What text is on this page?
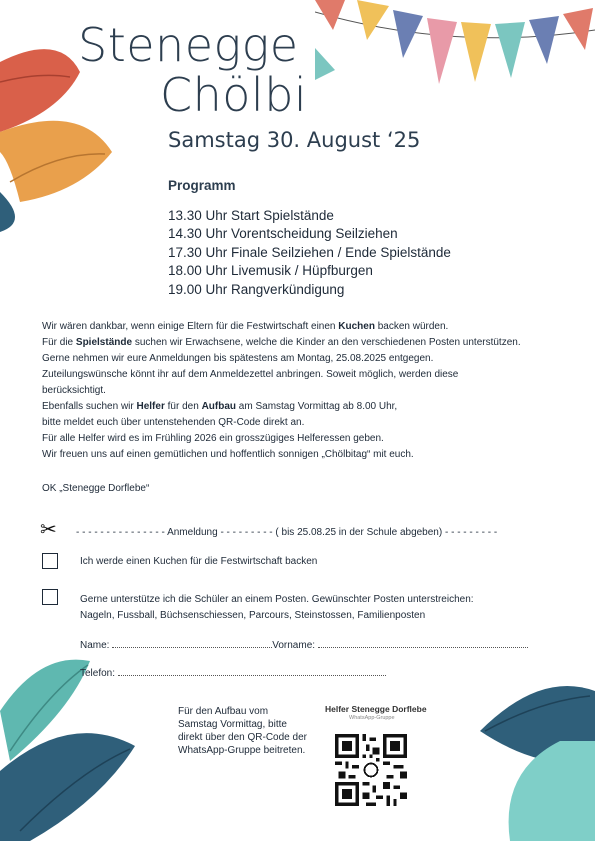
Stenegge
Chölbi
Samstag 30. August ‘25
Programm
13.30 Uhr Start Spielstände
14.30 Uhr Vorentscheidung Seilziehen
17.30 Uhr Finale Seilziehen / Ende Spielstände
18.00 Uhr Livemusik / Hüpfburgen
19.00 Uhr Rangverkündigung

Wir wären dankbar, wenn einige Eltern für die Festwirtschaft einen Kuchen backen würden.

Für die Spielstände suchen wir Erwachsene, welche die Kinder an den verschiedenen Posten unterstützen.

Gerne nehmen wir eure Anmeldungen bis spätestens am Montag, 25.08.2025 entgegen.

Zuteilungswünsche könnt ihr auf dem Anmeldezettel anbringen. Soweit möglich, werden diese

berücksichtigt.

Ebenfalls suchen wir Helfer für den Aufbau am Samstag Vormittag ab 8.00 Uhr,

bitte meldet euch über untenstehenden QR-Code direkt an.

Für alle Helfer wird es im Frühling 2026 ein grosszügiges Helferessen geben.

Wir freuen uns auf einen gemütlichen und hoffentlich sonnigen „Chölbitag“ mit euch.

OK „Stenegge Dorflebe“
✂ - - - - - - - - - - - - - - - Anmeldung - - - - - - - - - ( bis 25.08.25 in der Schule abgeben) - - - - - - - - -
Ich werde einen Kuchen für die Festwirtschaft backen
Gerne unterstütze ich die Schüler an einem Posten. Gewünschter Posten unterstreichen:
Nageln, Fussball, Büchsenschiessen, Parcours, Steinstossen, Familienposten
Name:	Vorname:
Telefon:
Für den Aufbau vom Samstag Vormittag, bitte direkt über den QR-Code der WhatsApp-Gruppe beitreten.
Helfer Stenegge Dorflebe
WhatsApp-Gruppe
